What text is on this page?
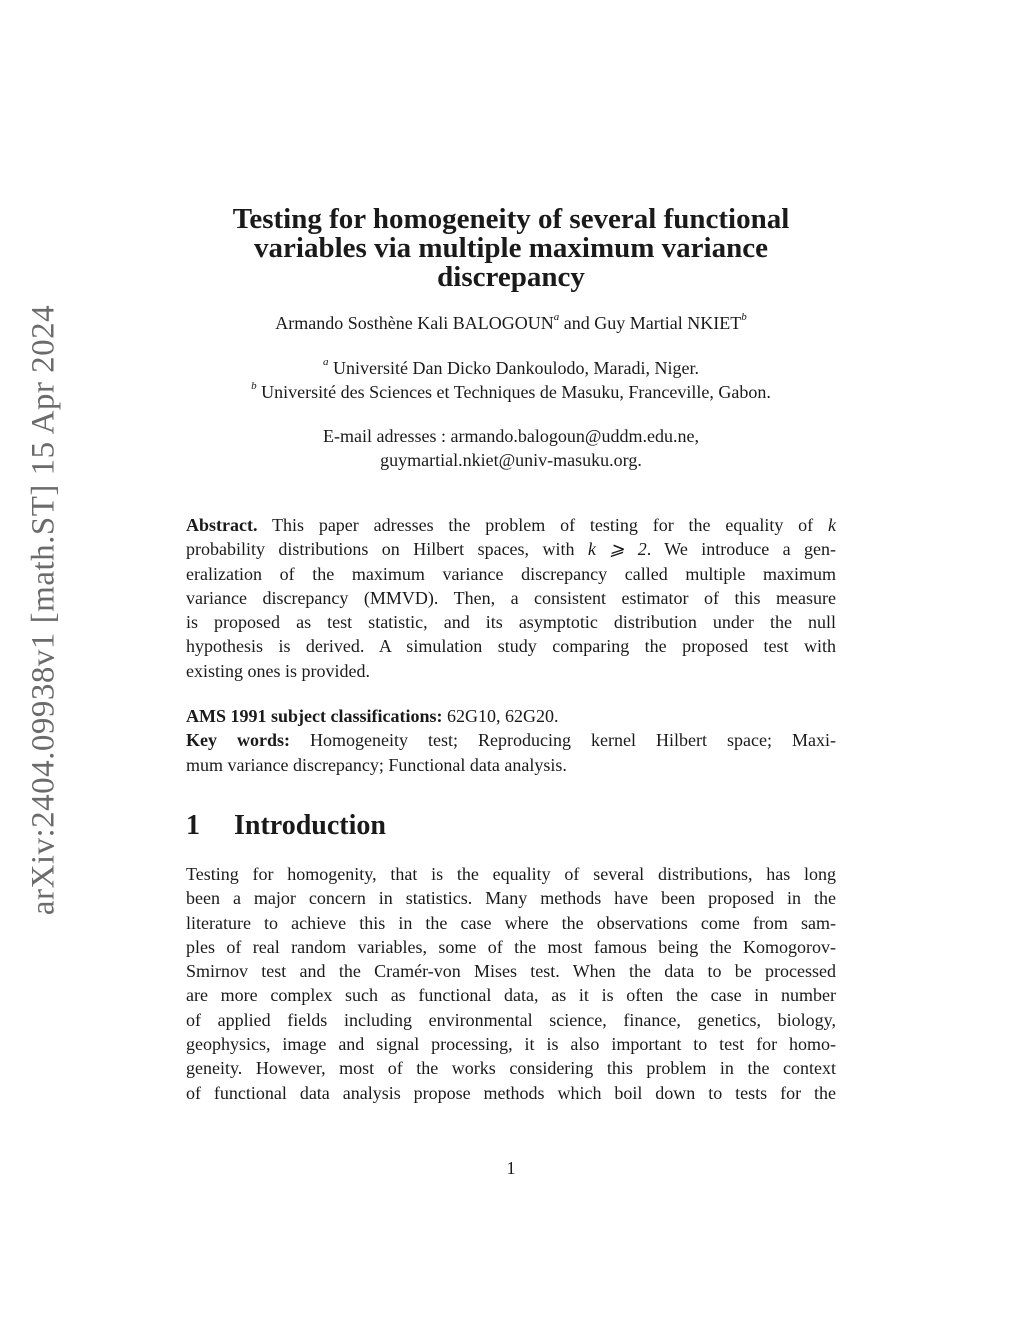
arXiv:2404.09938v1 [math.ST] 15 Apr 2024
Testing for homogeneity of several functional
variables via multiple maximum variance
discrepancy
Armando Sosthène Kali BALOGOUN$^a$ and Guy Martial NKIET$^b$
$^a$ Université Dan Dicko Dankoulodo, Maradi, Niger.
$^b$ Université des Sciences et Techniques de Masuku, Franceville, Gabon.
E-mail adresses : armando.balogoun@uddm.edu.ne,
guymartial.nkiet@univ-masuku.org.
Abstract. This paper adresses the problem of testing for the equality of k
probability distributions on Hilbert spaces, with k ⩾ 2. We introduce a gen-
eralization of the maximum variance discrepancy called multiple maximum
variance discrepancy (MMVD). Then, a consistent estimator of this measure
is proposed as test statistic, and its asymptotic distribution under the null
hypothesis is derived. A simulation study comparing the proposed test with
existing ones is provided.

AMS 1991 subject classifications: 62G10, 62G20.

Key words: Homogeneity test; Reproducing kernel Hilbert space; Maxi-
mum variance discrepancy; Functional data analysis.

1 Introduction
Testing for homogenity, that is the equality of several distributions, has long
been a major concern in statistics. Many methods have been proposed in the
literature to achieve this in the case where the observations come from sam-
ples of real random variables, some of the most famous being the Komogorov-
Smirnov test and the Cramér-von Mises test. When the data to be processed
are more complex such as functional data, as it is often the case in number
of applied fields including environmental science, finance, genetics, biology,
geophysics, image and signal processing, it is also important to test for homo-
geneity. However, most of the works considering this problem in the context
of functional data analysis propose methods which boil down to tests for the
1
